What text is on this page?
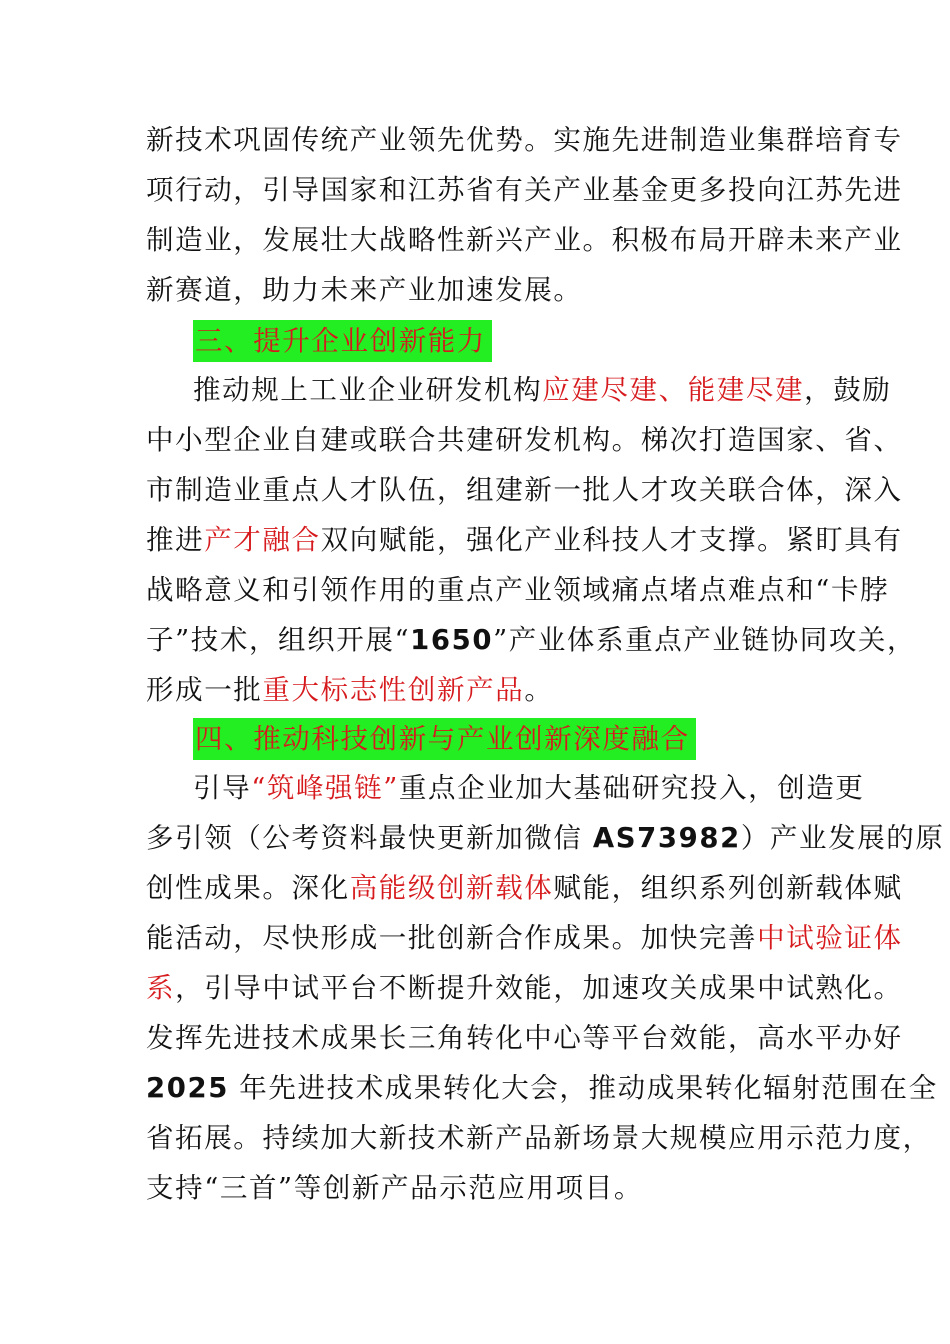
新技术巩固传统产业领先优势。实施先进制造业集群培育专
项行动，引导国家和江苏省有关产业基金更多投向江苏先进
制造业，发展壮大战略性新兴产业。积极布局开辟未来产业
新赛道，助力未来产业加速发展。
三、提升企业创新能力
推动规上工业企业研发机构应建尽建、能建尽建，鼓励
中小型企业自建或联合共建研发机构。梯次打造国家、省、
市制造业重点人才队伍，组建新一批人才攻关联合体，深入
推进产才融合双向赋能，强化产业科技人才支撑。紧盯具有
战略意义和引领作用的重点产业领域痛点堵点难点和“卡脖
子”技术，组织开展“1650”产业体系重点产业链协同攻关，
形成一批重大标志性创新产品。
四、推动科技创新与产业创新深度融合
引导“筑峰强链”重点企业加大基础研究投入，创造更
多引领（公考资料最快更新加微信 AS73982）产业发展的原
创性成果。深化高能级创新载体赋能，组织系列创新载体赋
能活动，尽快形成一批创新合作成果。加快完善中试验证体
系，引导中试平台不断提升效能，加速攻关成果中试熟化。
发挥先进技术成果长三角转化中心等平台效能，高水平办好
2025 年先进技术成果转化大会，推动成果转化辐射范围在全
省拓展。持续加大新技术新产品新场景大规模应用示范力度，
支持“三首”等创新产品示范应用项目。
